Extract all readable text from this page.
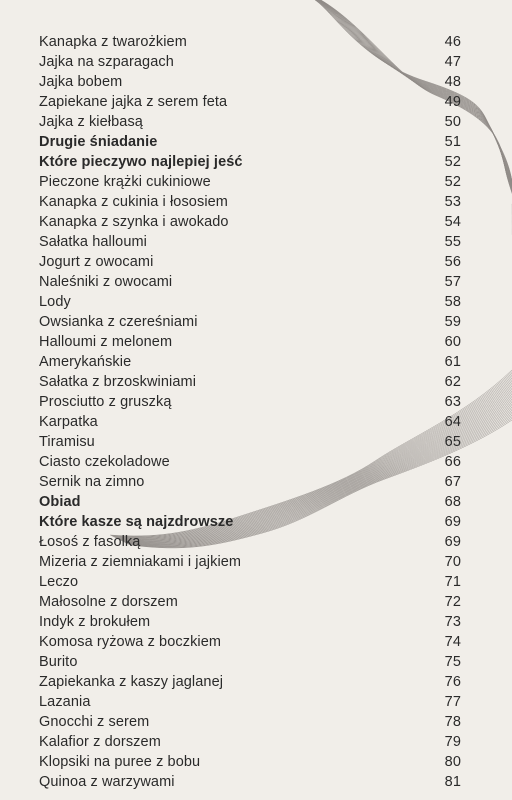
Kanapka z twarożkiem	46
Jajka na szparagach	47
Jajka bobem	48
Zapiekane jajka z serem feta	49
Jajka z kiełbasą	50
Drugie śniadanie	51
Które pieczywo najlepiej jeść	52
Pieczone krążki cukiniowe	52
Kanapka z cukinia i łososiem	53
Kanapka z szynka i awokado	54
Sałatka halloumi	55
Jogurt z owocami	56
Naleśniki z owocami	57
Lody	58
Owsianka z czereśniami	59
Halloumi z melonem	60
Amerykańskie	61
Sałatka z brzoskwiniami	62
Prosciutto z gruszką	63
Karpatka	64
Tiramisu	65
Ciasto czekoladowe	66
Sernik na zimno	67
Obiad	68
Które kasze są najzdrowsze	69
Łosoś z fasolką	69
Mizeria z ziemniakami i jajkiem	70
Leczo	71
Małosolne z dorszem	72
Indyk z brokułem	73
Komosa ryżowa z boczkiem	74
Burito	75
Zapiekanka z kaszy jaglanej	76
Lazania	77
Gnocchi z serem	78
Kalafior z dorszem	79
Klopsiki na puree z bobu	80
Quinoa z warzywami	81
